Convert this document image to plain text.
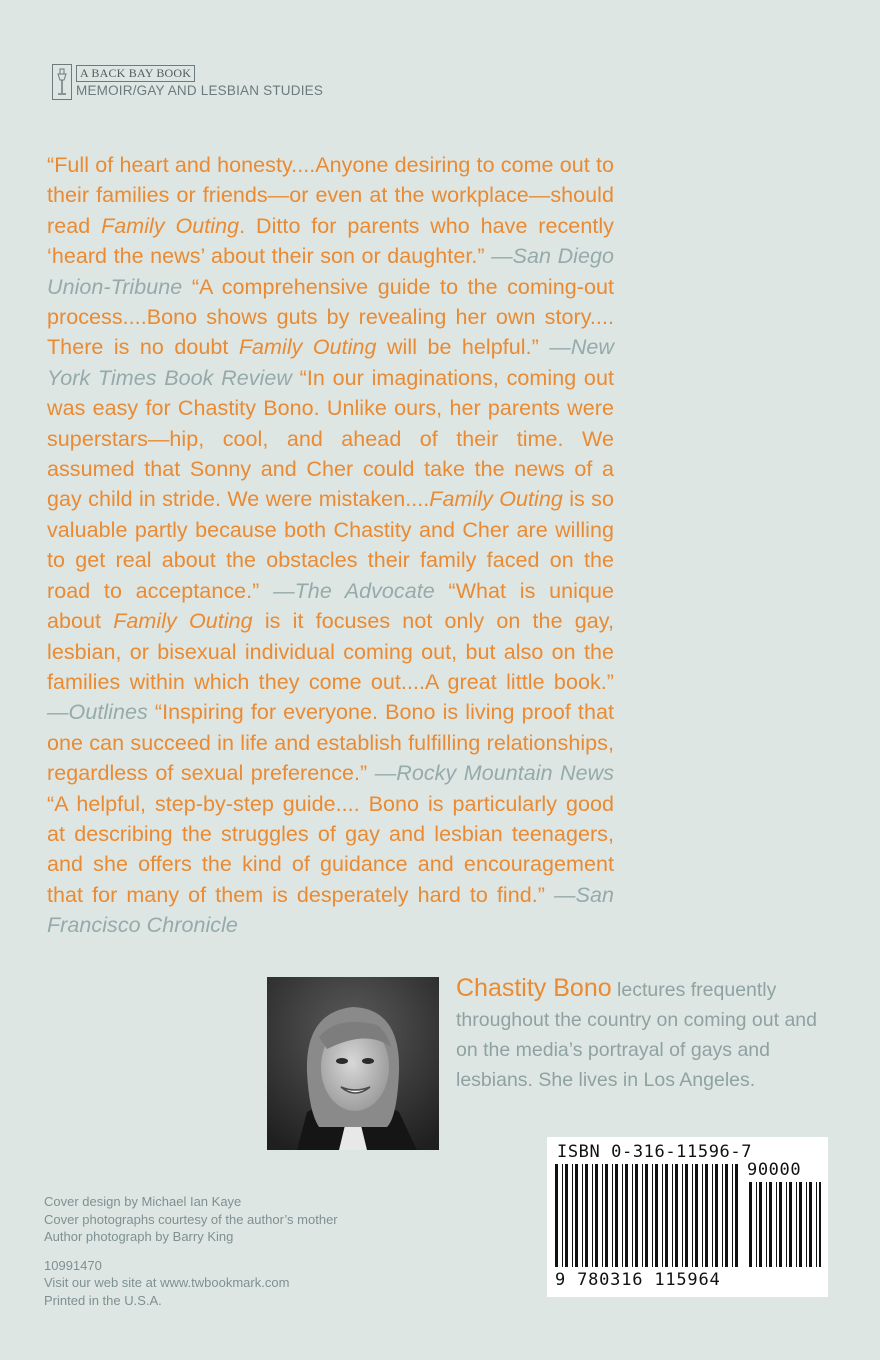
A BACK BAY BOOK
MEMOIR/GAY AND LESBIAN STUDIES

“Full of heart and honesty....Anyone desiring to come out to their families or friends—or even at the workplace—should read Family Outing. Ditto for parents who have recently ‘heard the news’ about their son or daughter.” —San Diego Union-Tribune “A comprehensive guide to the coming-out process....Bono shows guts by revealing her own story.... There is no doubt Family Outing will be helpful.” —New York Times Book Review “In our imaginations, coming out was easy for Chastity Bono. Unlike ours, her parents were superstars—hip, cool, and ahead of their time. We assumed that Sonny and Cher could take the news of a gay child in stride. We were mistaken....Family Outing is so valuable partly because both Chastity and Cher are willing to get real about the obstacles their family faced on the road to acceptance.” —The Advocate “What is unique about Family Outing is it focuses not only on the gay, lesbian, or bisexual individual coming out, but also on the families within which they come out....A great little book.” —Outlines “Inspiring for everyone. Bono is living proof that one can succeed in life and establish fulfilling relationships, regardless of sexual preference.” —Rocky Mountain News “A helpful, step-by-step guide.... Bono is particularly good at describing the struggles of gay and lesbian teenagers, and she offers the kind of guidance and encouragement that for many of them is desperately hard to find.” —San Francisco Chronicle

Chastity Bono lectures frequently throughout the country on coming out and on the media’s portrayal of gays and lesbians. She lives in Los Angeles.

ISBN 0-316-11596-7
90000
9 780316 115964
Cover design by Michael Ian Kaye
Cover photographs courtesy of the author’s mother
Author photograph by Barry King
10991470
Visit our web site at www.twbookmark.com
Printed in the U.S.A.
